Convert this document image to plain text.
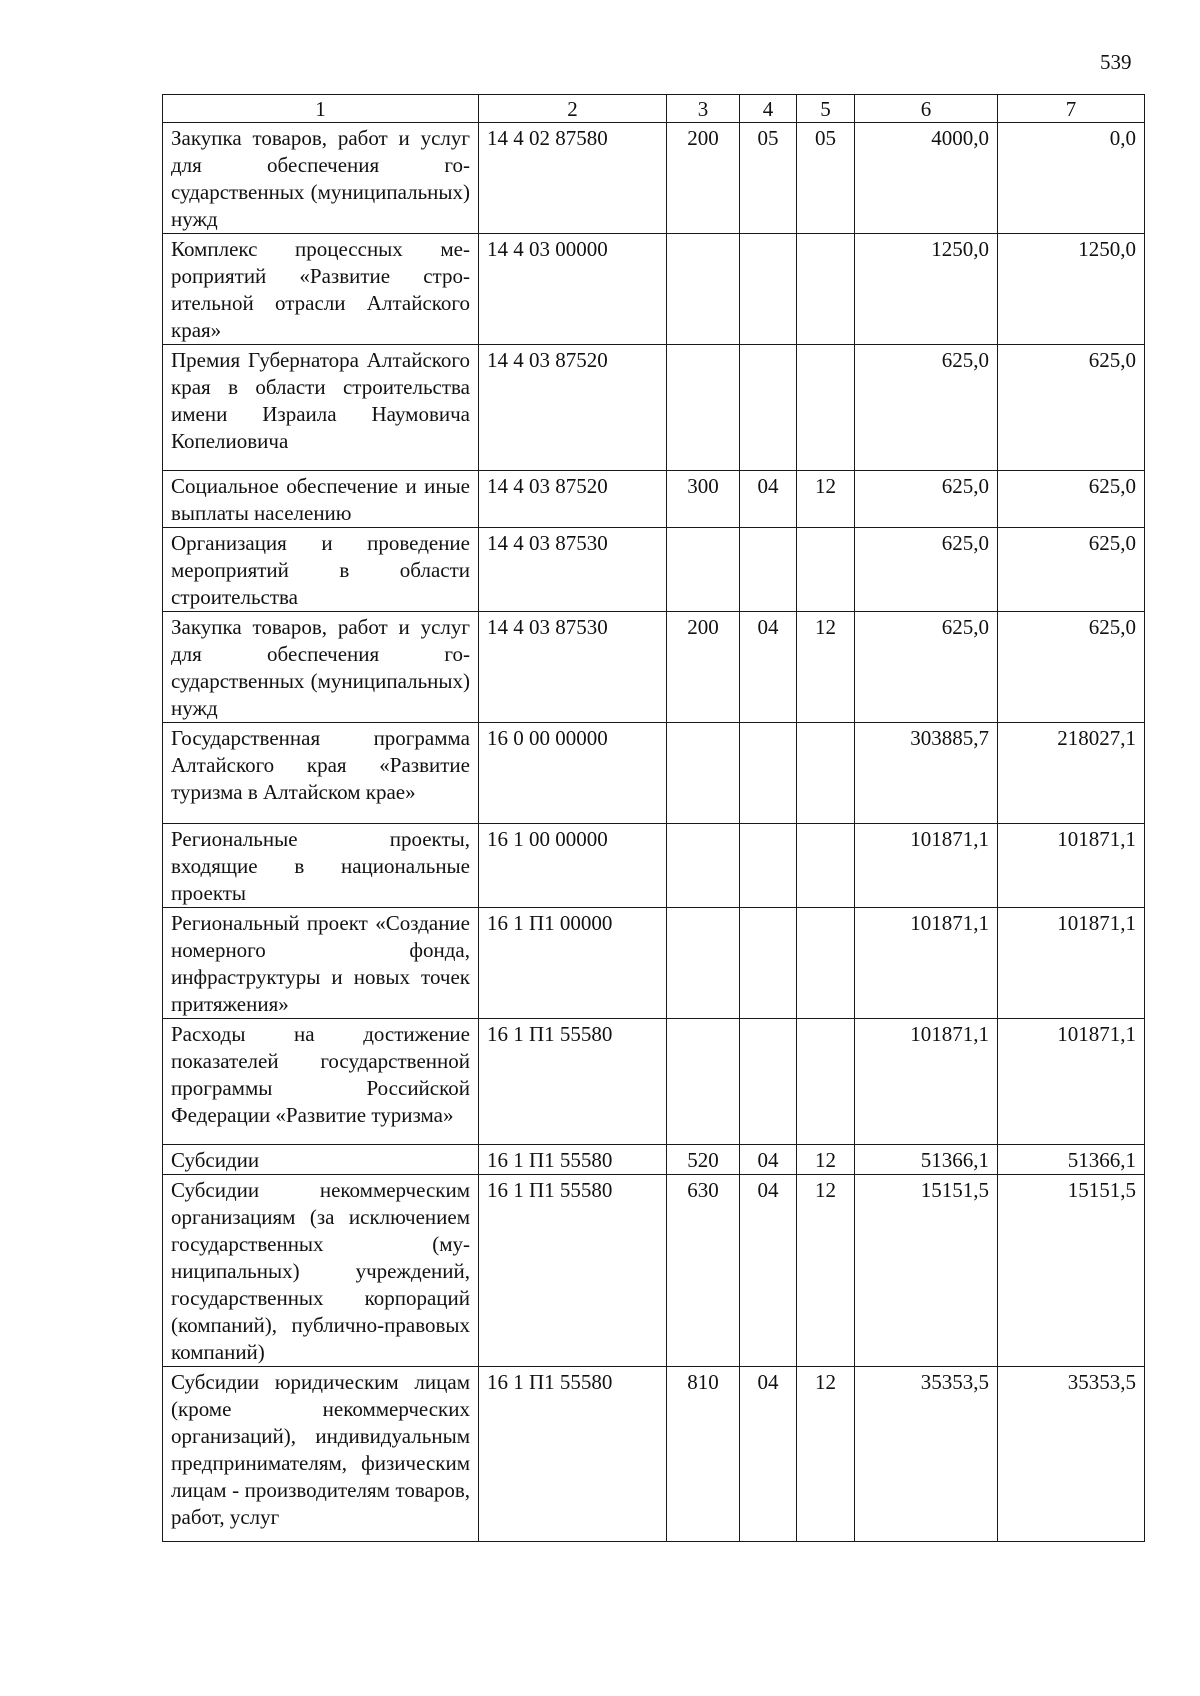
539
1	2	3	4	5	6	7
Закупка товаров, работ и услуг для обеспечения государственных (муниципальных) нужд	14 4 02 87580	200	05	05	4000,0	0,0
Комплекс процессных мероприятий «Развитие строительной отрасли Алтайского края»	14 4 03 00000				1250,0	1250,0
Премия Губернатора Алтайского края в области строительства имени Израила Наумовича Копелиовича	14 4 03 87520				625,0	625,0
Социальное обеспечение и иные выплаты населению	14 4 03 87520	300	04	12	625,0	625,0
Организация и проведение мероприятий в области строительства	14 4 03 87530				625,0	625,0
Закупка товаров, работ и услуг для обеспечения государственных (муниципальных) нужд	14 4 03 87530	200	04	12	625,0	625,0
Государственная программа Алтайского края «Развитие туризма в Алтайском крае»	16 0 00 00000				303885,7	218027,1
Региональные проекты, входящие в национальные проекты	16 1 00 00000				101871,1	101871,1
Региональный проект «Создание номерного фонда, инфраструктуры и новых точек притяжения»	16 1 П1 00000				101871,1	101871,1
Расходы на достижение показателей государственной программы Российской Федерации «Развитие туризма»	16 1 П1 55580				101871,1	101871,1
Субсидии	16 1 П1 55580	520	04	12	51366,1	51366,1
Субсидии некоммерческим организациям (за исключением государственных (муниципальных) учреждений, государственных корпораций (компаний), публично-правовых компаний)	16 1 П1 55580	630	04	12	15151,5	15151,5
Субсидии юридическим лицам (кроме некоммерческих организаций), индивидуальным предпринимателям, физическим лицам - производителям товаров, работ, услуг	16 1 П1 55580	810	04	12	35353,5	35353,5
